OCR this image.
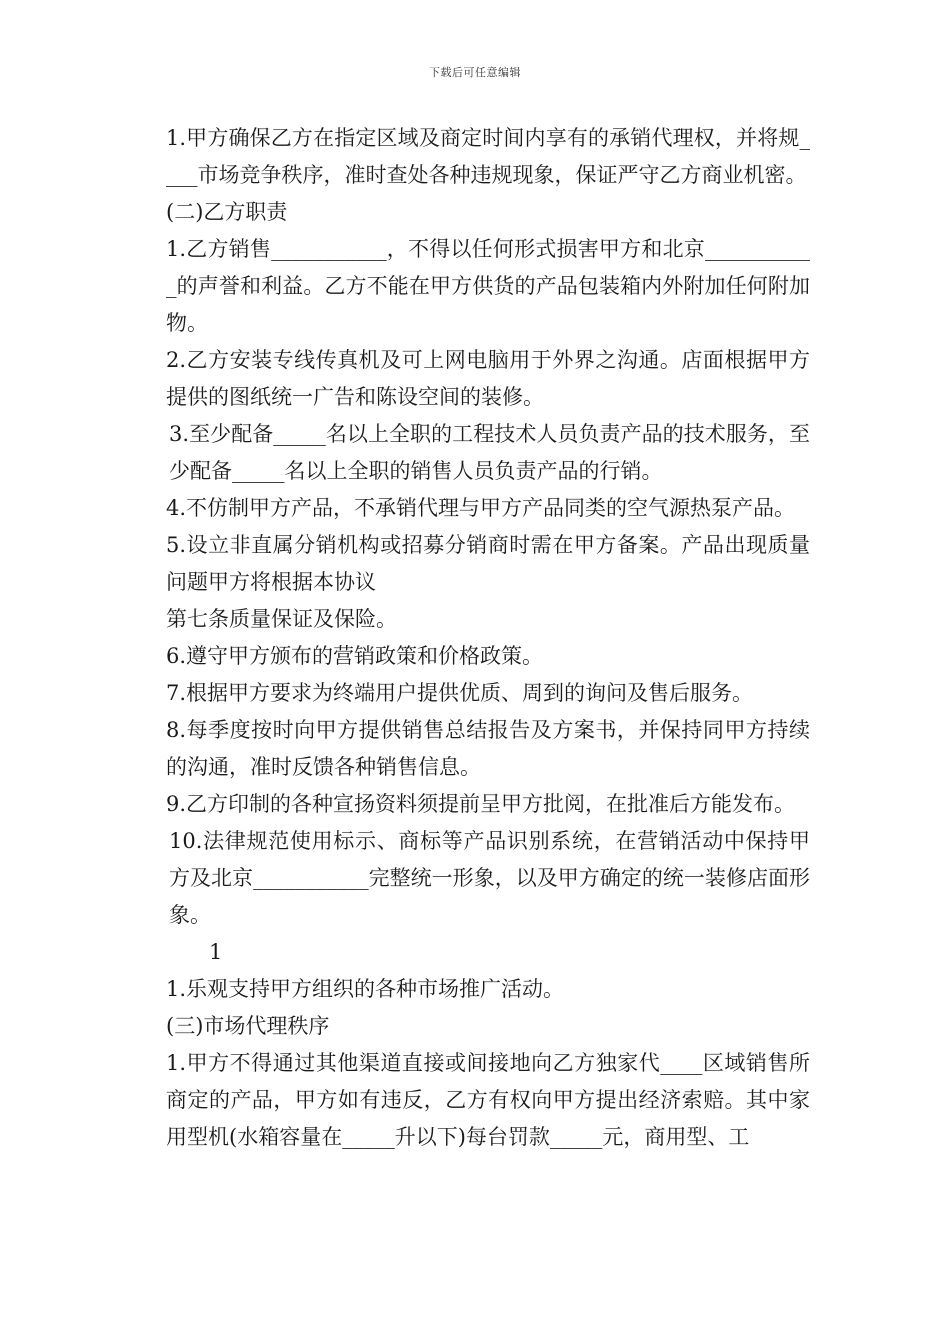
下载后可任意编辑

1.甲方确保乙方在指定区域及商定时间内享有的承销代理权，并将规____市场竞争秩序，准时查处各种违规现象，保证严守乙方商业机密。

(二)乙方职责

1.乙方销售___________，不得以任何形式损害甲方和北京___________的声誉和利益。乙方不能在甲方供货的产品包装箱内外附加任何附加物。

2.乙方安装专线传真机及可上网电脑用于外界之沟通。店面根据甲方提供的图纸统一广告和陈设空间的装修。

3.至少配备_____名以上全职的工程技术人员负责产品的技术服务，至少配备_____名以上全职的销售人员负责产品的行销。

4.不仿制甲方产品，不承销代理与甲方产品同类的空气源热泵产品。

5.设立非直属分销机构或招募分销商时需在甲方备案。产品出现质量问题甲方将根据本协议

第七条质量保证及保险。

6.遵守甲方颁布的营销政策和价格政策。

7.根据甲方要求为终端用户提供优质、周到的询问及售后服务。

8.每季度按时向甲方提供销售总结报告及方案书，并保持同甲方持续的沟通，准时反馈各种销售信息。

9.乙方印制的各种宣扬资料须提前呈甲方批阅，在批准后方能发布。

10.法律规范使用标示、商标等产品识别系统，在营销活动中保持甲方及北京___________完整统一形象，以及甲方确定的统一装修店面形象。

1

1.乐观支持甲方组织的各种市场推广活动。

(三)市场代理秩序

1.甲方不得通过其他渠道直接或间接地向乙方独家代____区域销售所商定的产品，甲方如有违反，乙方有权向甲方提出经济索赔。其中家用型机(水箱容量在_____升以下)每台罚款_____元，商用型、工
